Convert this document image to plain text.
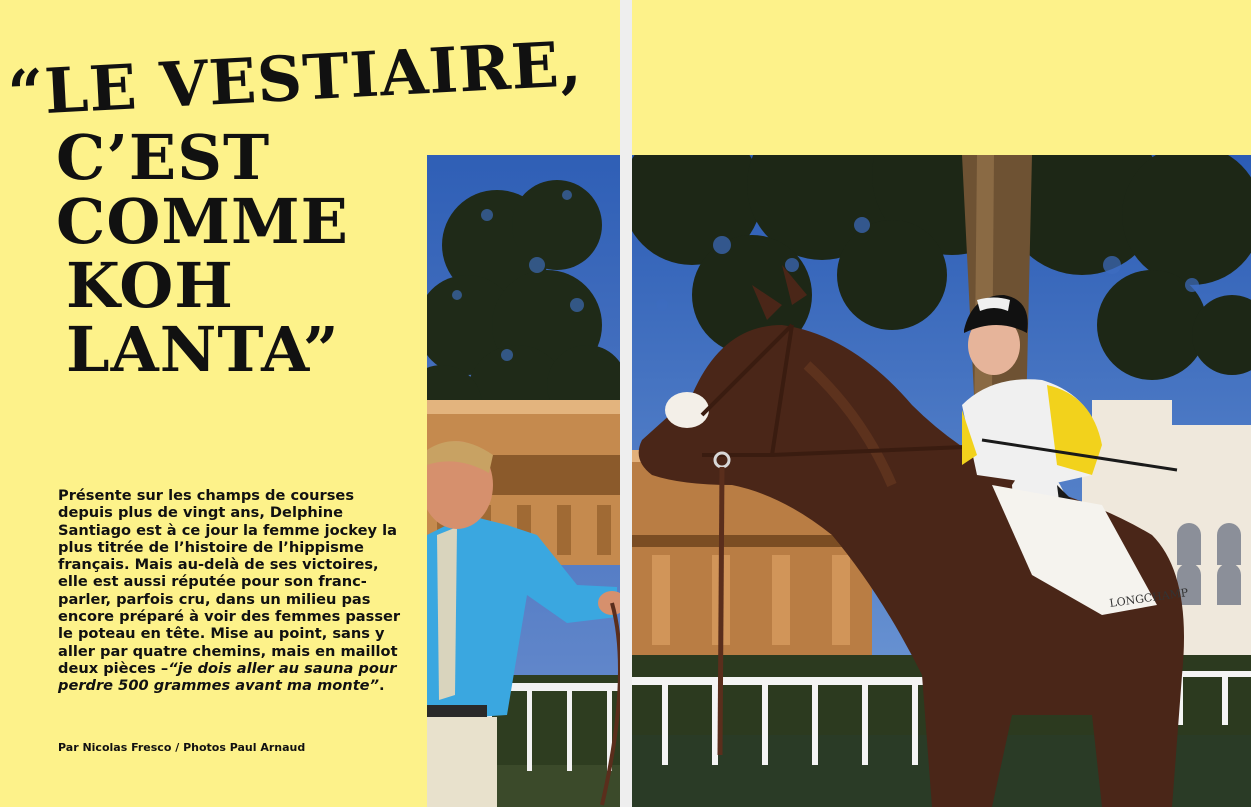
“LE VESTIAIRE,
C’EST
COMME
KOH
LANTA”

Présente sur les champs de courses depuis plus de vingt ans, Delphine Santiago est à ce jour la femme jockey la plus titrée de l’histoire de l’hippisme français. Mais au-delà de ses victoires, elle est aussi réputée pour son franc-parler, parfois cru, dans un milieu pas encore préparé à voir des femmes passer le poteau en tête. Mise au point, sans y aller par quatre chemins, mais en maillot deux pièces –“je dois aller au sauna pour perdre 500 grammes avant ma monte”.

Par Nicolas Fresco / Photos Paul Arnaud

LONGCHAMP
